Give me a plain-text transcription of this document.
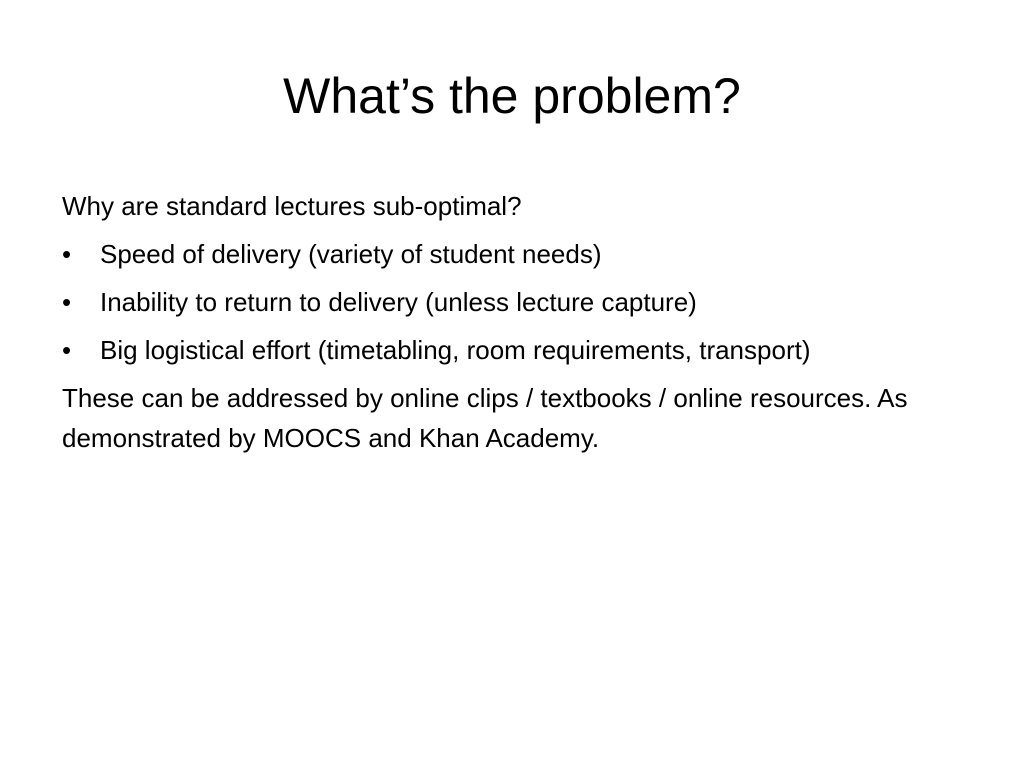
What’s the problem?

Why are standard lectures sub-optimal?

•	Speed of delivery (variety of student needs)
•	Inability to return to delivery (unless lecture capture)
•	Big logistical effort (timetabling, room requirements, transport)

These can be addressed by online clips / textbooks / online resources. As demonstrated by MOOCS and Khan Academy.
